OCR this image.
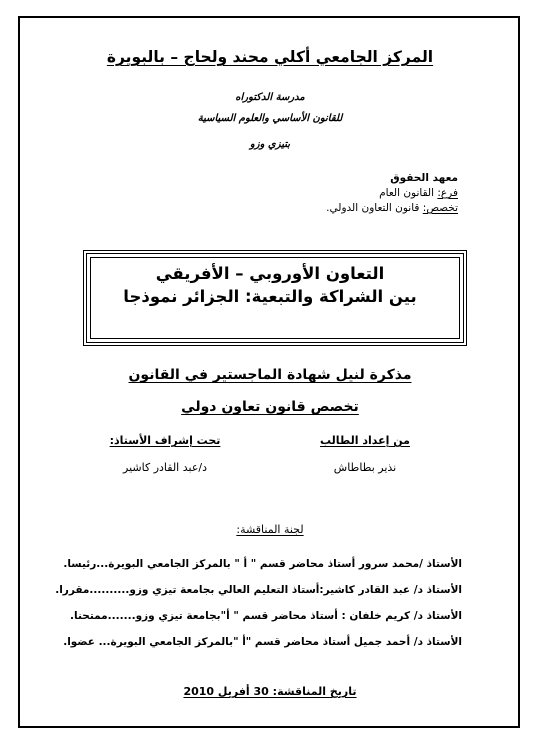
المركز الجامعي أكلي محند ولحاج – بالبويرة
مدرسة الدكتوراه
للقانون الأساسي والعلوم السياسية
بتيزي وزو
معهد الحقوق
فرع: القانون العام
تخصص: قانون التعاون الدولي.
التعاون الأوروبي – الأفريقي
بين الشراكة والتبعية: الجزائر نموذجا
مذكرة لنيل شهادة الماجستير في القانون
تخصص قانون تعاون دولي
من إعداد الطالب
نذير بطاطاش
تحت إشراف الأستاذ:
د/عبد القادر كاشير
لجنة المناقشة:
الأستاذ /محمد سرور أستاذ محاضر قسم " أ " بالمركز الجامعي البويرة...رئيسا.
الأستاذ د/ عبد القادر كاشير:أستاذ التعليم العالي بجامعة تيزي وزو..........مقررا.
الأستاذ د/ كريم خلفان : أستاذ محاضر قسم " أ"بجامعة تيزي وزو.......ممتحنا.
الأستاذ د/ أحمد جميل أستاذ محاضر قسم "أ "بالمركز الجامعي البويرة... عضوا.
تاريخ المناقشة: 30 أفريل 2010
